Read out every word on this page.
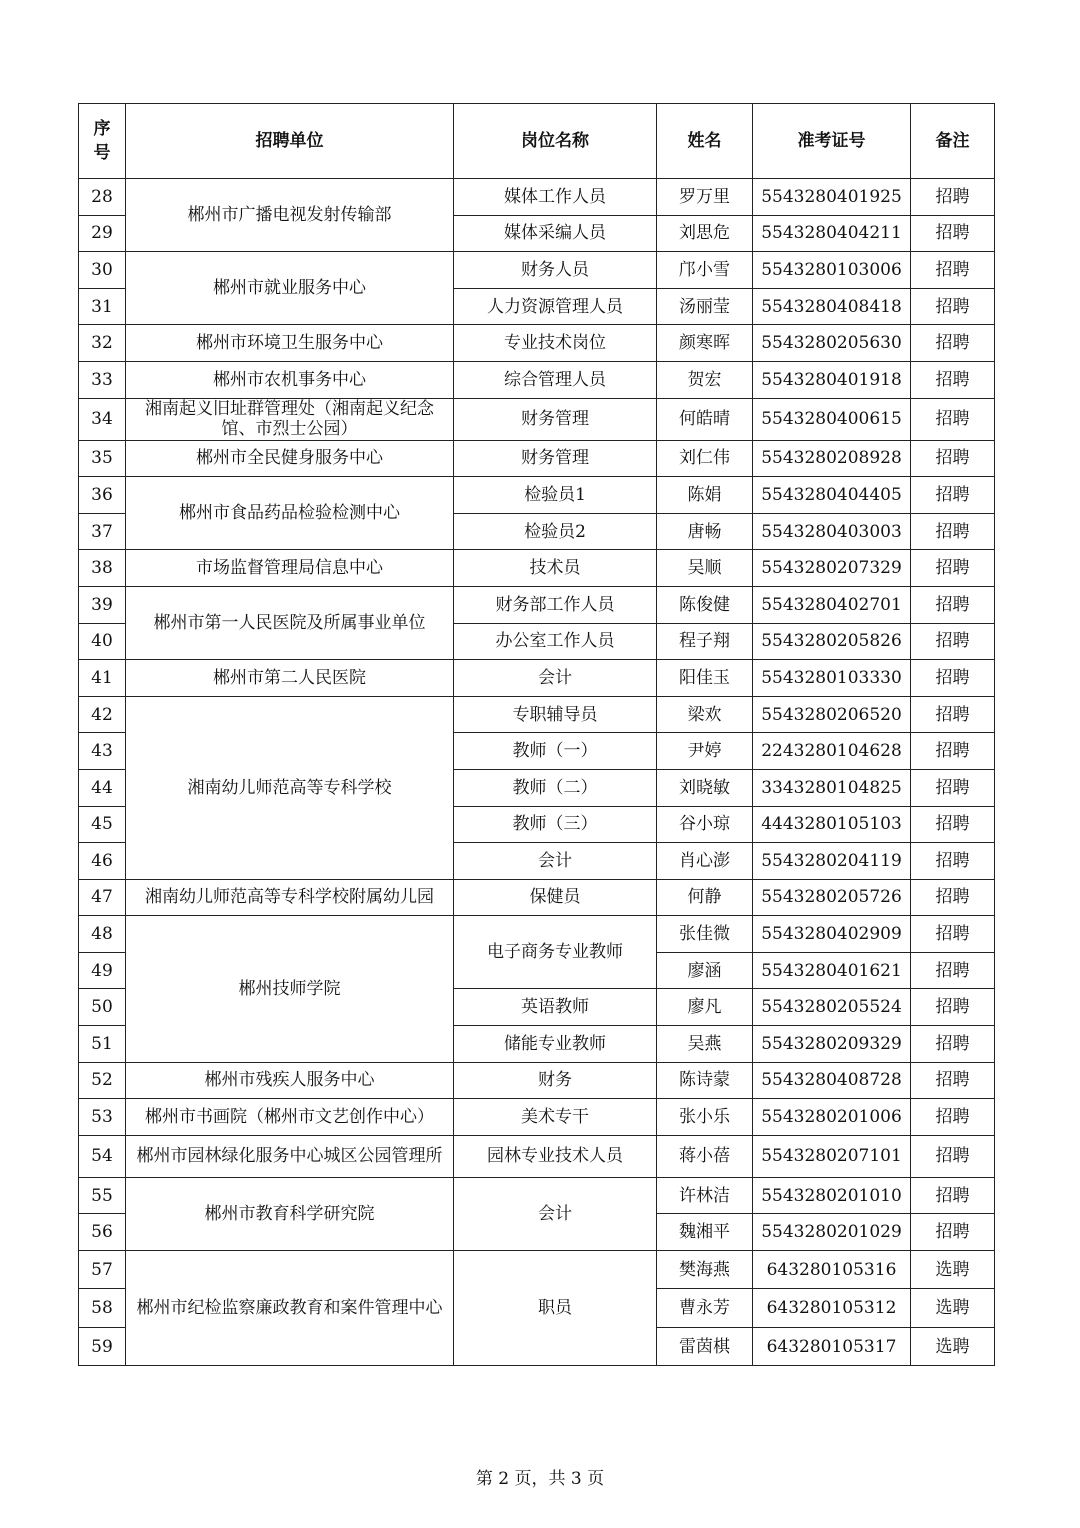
序
号	招聘单位	岗位名称	姓名	准考证号	备注
28	郴州市广播电视发射传输部	媒体工作人员	罗万里	5543280401925	招聘
29		媒体采编人员	刘思危	5543280404211	招聘
30	郴州市就业服务中心	财务人员	邝小雪	5543280103006	招聘
31		人力资源管理人员	汤丽莹	5543280408418	招聘
32	郴州市环境卫生服务中心	专业技术岗位	颜寒晖	5543280205630	招聘
33	郴州市农机事务中心	综合管理人员	贺宏	5543280401918	招聘
34	湘南起义旧址群管理处（湘南起义纪念馆、市烈士公园）	财务管理	何皓晴	5543280400615	招聘
35	郴州市全民健身服务中心	财务管理	刘仁伟	5543280208928	招聘
36	郴州市食品药品检验检测中心	检验员1	陈娟	5543280404405	招聘
37		检验员2	唐畅	5543280403003	招聘
38	市场监督管理局信息中心	技术员	吴顺	5543280207329	招聘
39	郴州市第一人民医院及所属事业单位	财务部工作人员	陈俊健	5543280402701	招聘
40		办公室工作人员	程子翔	5543280205826	招聘
41	郴州市第二人民医院	会计	阳佳玉	5543280103330	招聘
42	湘南幼儿师范高等专科学校	专职辅导员	梁欢	5543280206520	招聘
43		教师（一）	尹婷	2243280104628	招聘
44		教师（二）	刘晓敏	3343280104825	招聘
45		教师（三）	谷小琼	4443280105103	招聘
46		会计	肖心澎	5543280204119	招聘
47	湘南幼儿师范高等专科学校附属幼儿园	保健员	何静	5543280205726	招聘
48	郴州技师学院	电子商务专业教师	张佳微	5543280402909	招聘
49			廖涵	5543280401621	招聘
50		英语教师	廖凡	5543280205524	招聘
51		储能专业教师	吴燕	5543280209329	招聘
52	郴州市残疾人服务中心	财务	陈诗蒙	5543280408728	招聘
53	郴州市书画院（郴州市文艺创作中心）	美术专干	张小乐	5543280201006	招聘
54	郴州市园林绿化服务中心城区公园管理所	园林专业技术人员	蒋小蓓	5543280207101	招聘
55	郴州市教育科学研究院	会计	许林洁	5543280201010	招聘
56			魏湘平	5543280201029	招聘
57	郴州市纪检监察廉政教育和案件管理中心	职员	樊海燕	643280105316	选聘
58			曹永芳	643280105312	选聘
59			雷茵棋	643280105317	选聘
第 2 页，共 3 页
